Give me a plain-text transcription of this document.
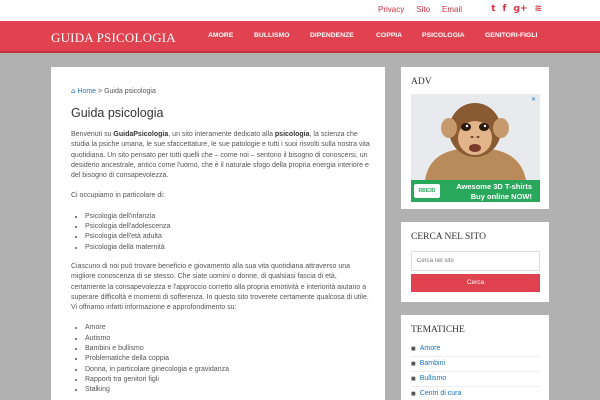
Privacy Sito Email	t f g+ ≋
GUIDA PSICOLOGIA	AMORE	BULLISMO	DIPENDENZE	COPPIA	PSICOLOGIA	GENITORI-FIGLI
⌂ Home > Guida psicologia
Guida psicologia

Benvenuti su GuidaPsicologia, un sito interamente dedicato alla psicologia, la scienza che studia la psiche umana, le sue sfaccettature, le sue patologie e tutti i suoi risvolti sulla nostra vita quotidiana. Un sito pensato per tutti quelli che – come noi – sentono il bisogno di conoscersi, un desiderio ancestrale, antico come l'uomo, che è il naturale sfogo della propria energia interiore e del bisogno di consapevolezza.

Ci occupiamo in particolare di:

• Psicologia dell'infanzia
• Psicologia dell'adolescenza
• Psicologia dell'età adulta
• Psicologia della maternità

Ciascuno di noi può trovare beneficio e giovamento alla sua vita quotidiana attraverso una migliore conoscenza di se stesso. Che siate uomini o donne, di qualsiasi fascia di età, certamente la consapevolezza e l'approccio corretto alla propria emotività e interiorità aiutano a superare difficoltà e momenti di sofferenza. In questo sito troverete certamente qualcosa di utile. Vi offriamo infatti informazione e approfondimento su:

• Amore
• Autismo
• Bambini e bullismo
• Problematiche della coppia
• Donna, in particolare ginecologia e gravidanza
• Rapporti tra genitori figli
• Stalking
ADV
✕
RBE3D	Awesome 3D T-shirts
Buy online NOW!
CERCA NEL SITO
Cerca nel sito
Cerca
TEMATICHE
■ Amore
■ Bambini
■ Bullismo
■ Centri di cura
